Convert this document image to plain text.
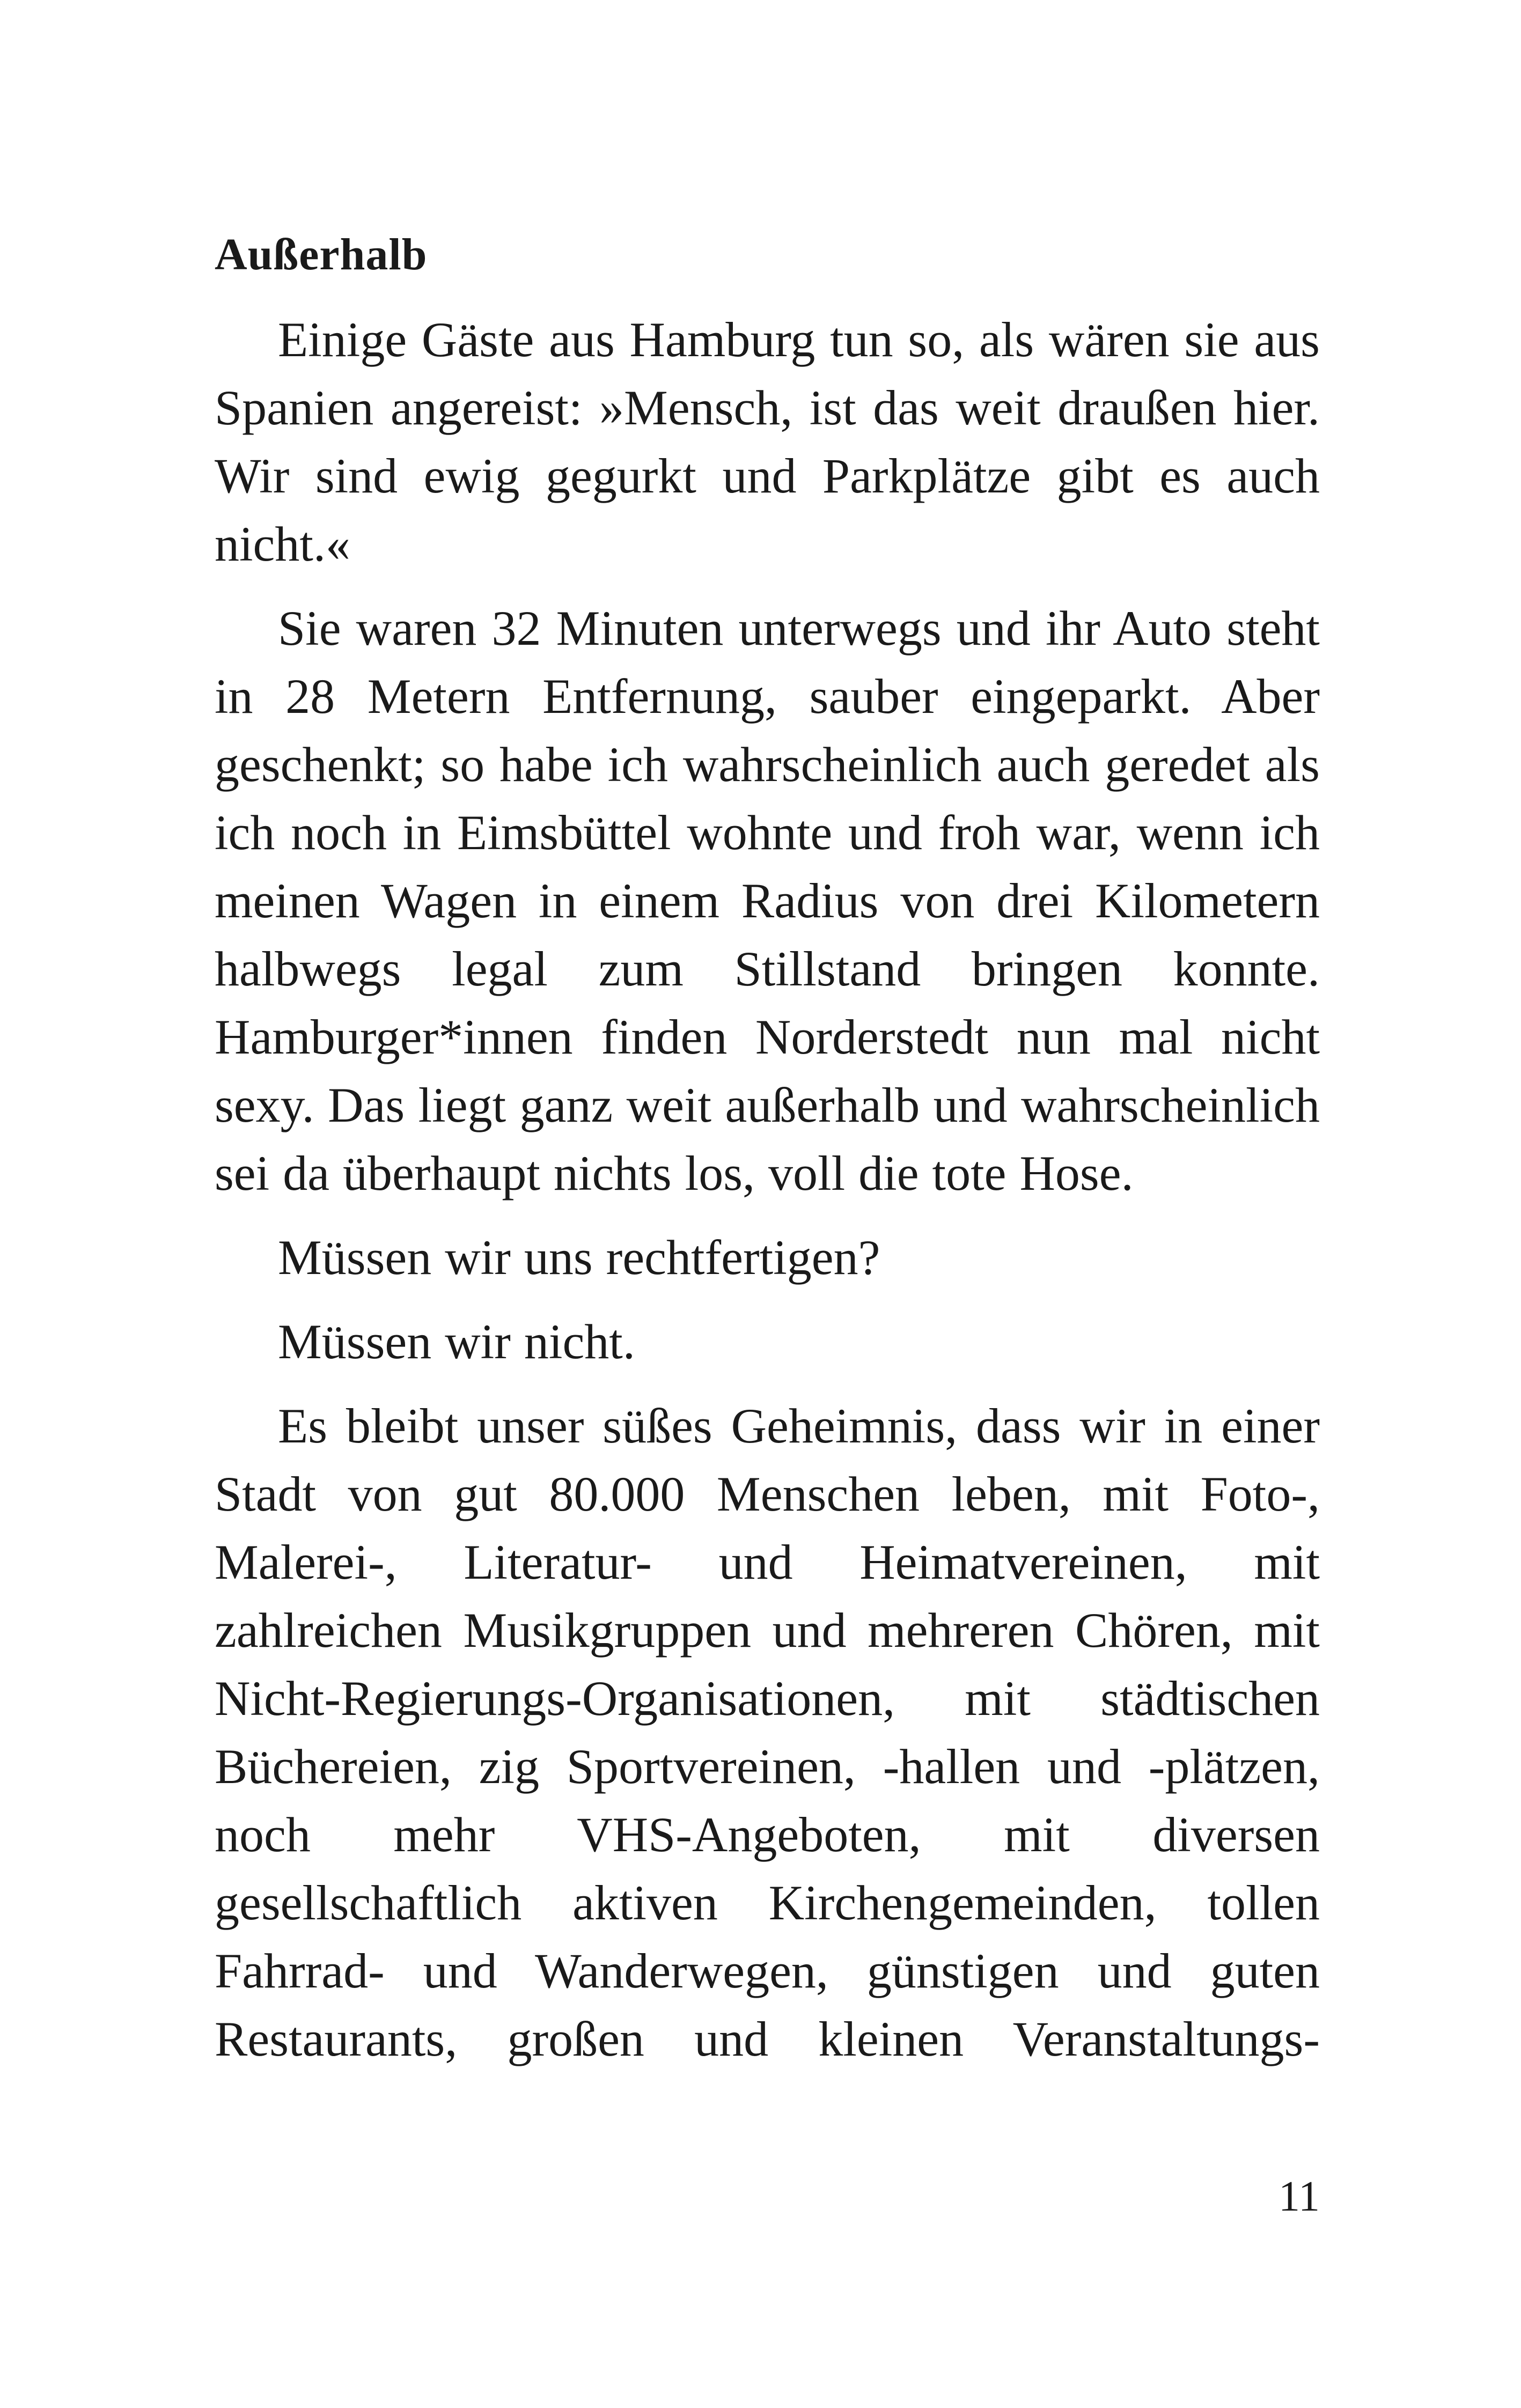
Außerhalb

Einige Gäste aus Hamburg tun so, als wären sie aus Spanien angereist: »Mensch, ist das weit draußen hier. Wir sind ewig gegurkt und Parkplätze gibt es auch nicht.«

Sie waren 32 Minuten unterwegs und ihr Auto steht in 28 Metern Entfernung, sauber eingeparkt. Aber geschenkt; so habe ich wahrscheinlich auch geredet als ich noch in Eimsbüttel wohnte und froh war, wenn ich meinen Wagen in einem Radius von drei Kilometern halbwegs legal zum Stillstand bringen konnte. Hamburger*innen finden Norderstedt nun mal nicht sexy. Das liegt ganz weit außerhalb und wahrscheinlich sei da überhaupt nichts los, voll die tote Hose.

Müssen wir uns rechtfertigen?

Müssen wir nicht.

Es bleibt unser süßes Geheimnis, dass wir in einer Stadt von gut 80.000 Menschen leben, mit Foto-, Malerei-, Literatur- und Heimatvereinen, mit zahlreichen Musikgruppen und mehreren Chören, mit Nicht-Regierungs-Organisationen, mit städtischen Büchereien, zig Sportvereinen, -hallen und -plätzen, noch mehr VHS-Angeboten, mit diversen gesellschaftlich aktiven Kirchengemeinden, tollen Fahrrad- und Wanderwegen, günstigen und guten Restaurants, großen und kleinen Veranstaltungs-

11
